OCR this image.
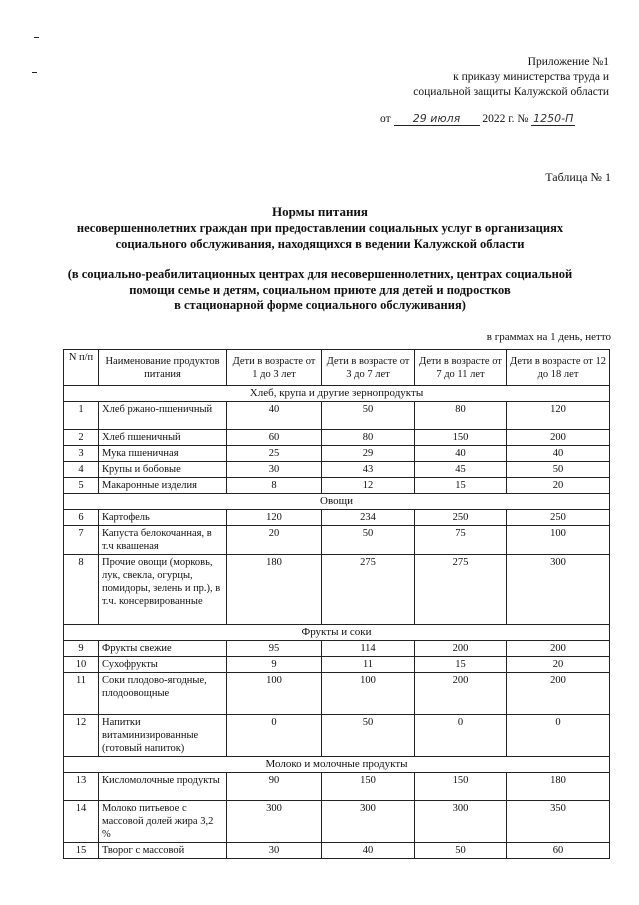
Приложение №1
к приказу министерства труда и
социальной защиты Калужской области
от 29 июля 2022 г. № 1250-П
Таблица № 1
Нормы питания
несовершеннолетних граждан при предоставлении социальных услуг в организациях
социального обслуживания, находящихся в ведении Калужской области
(в социально-реабилитационных центрах для несовершеннолетних, центрах социальной
помощи семье и детям, социальном приюте для детей и подростков
в стационарной форме социального обслуживания)
в граммах на 1 день, нетто
N п/п	Наименование продуктов питания	Дети в возрасте от 1 до 3 лет	Дети в возрасте от 3 до 7 лет	Дети в возрасте от 7 до 11 лет	Дети в возрасте от 12 до 18 лет
Хлеб, крупа и другие зернопродукты					
1	Хлеб ржано-пшеничный	40	50	80	120
2	Хлеб пшеничный	60	80	150	200
3	Мука пшеничная	25	29	40	40
4	Крупы и бобовые	30	43	45	50
5	Макаронные изделия	8	12	15	20
Овощи					
6	Картофель	120	234	250	250
7	Капуста белокочанная, в т.ч квашеная	20	50	75	100
8	Прочие овощи (морковь, лук, свекла, огурцы, помидоры, зелень и пр.), в т.ч. консервированные	180	275	275	300
Фрукты и соки					
9	Фрукты свежие	95	114	200	200
10	Сухофрукты	9	11	15	20
11	Соки плодово-ягодные, плодоовощные	100	100	200	200
12	Напитки витаминизированные (готовый напиток)	0	50	0	0
Молоко и молочные продукты					
13	Кисломолочные продукты	90	150	150	180
14	Молоко питьевое с массовой долей жира 3,2 %	300	300	300	350
15	Творог с массовой	30	40	50	60
